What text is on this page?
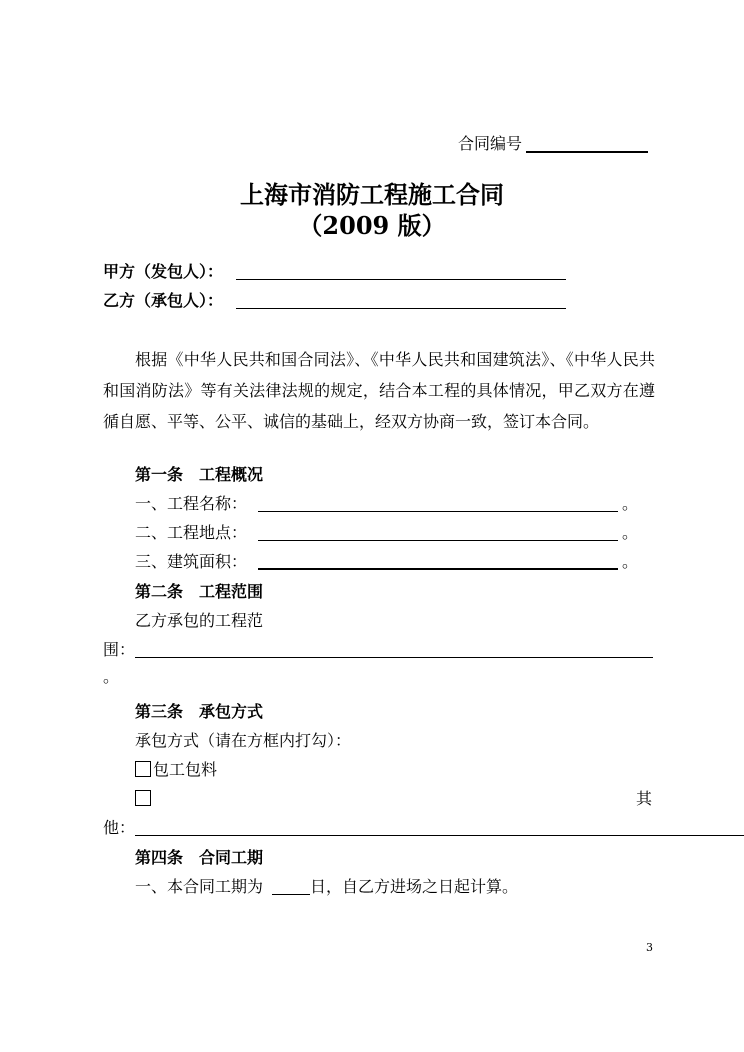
合同编号
上海市消防工程施工合同
（2009 版）
甲方（发包人）：
乙方（承包人）：
根据《中华人民共和国合同法》、《中华人民共和国建筑法》、《中华人民共和国消防法》等有关法律法规的规定，结合本工程的具体情况，甲乙双方在遵循自愿、平等、公平、诚信的基础上，经双方协商一致，签订本合同。
第一条　工程概况
一、工程名称：	。
二、工程地点：	。
三、建筑面积：	。
第二条　工程范围
乙方承包的工程范
围：
。
第三条　承包方式
承包方式（请在方框内打勾）：
包工包料
其
他：
第四条　合同工期
一、本合同工期为	日，自乙方进场之日起计算。
3
